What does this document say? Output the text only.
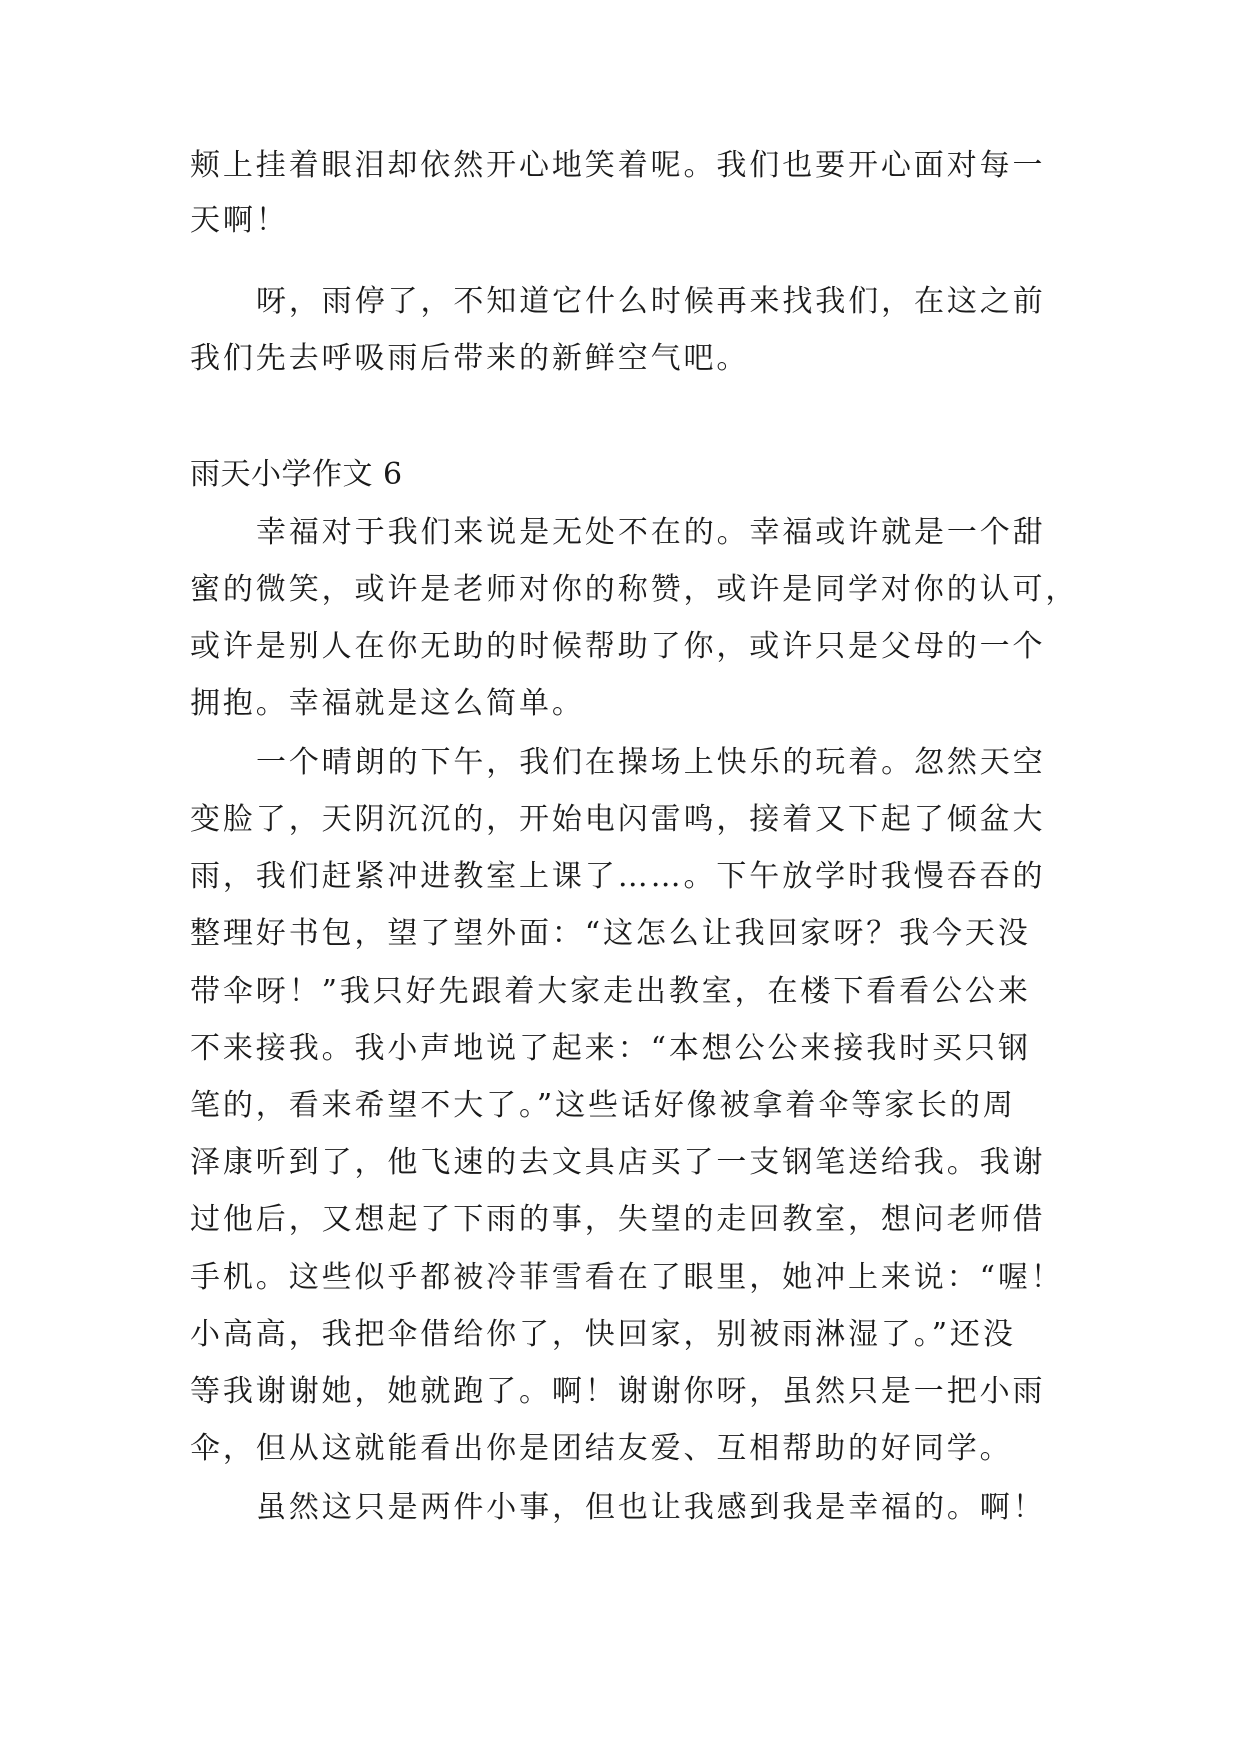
颊上挂着眼泪却依然开心地笑着呢。我们也要开心面对每一
天啊！
呀，雨停了，不知道它什么时候再来找我们，在这之前
我们先去呼吸雨后带来的新鲜空气吧。
雨天小学作文 6
幸福对于我们来说是无处不在的。幸福或许就是一个甜
蜜的微笑，或许是老师对你的称赞，或许是同学对你的认可，
或许是别人在你无助的时候帮助了你，或许只是父母的一个
拥抱。幸福就是这么简单。
一个晴朗的下午，我们在操场上快乐的玩着。忽然天空
变脸了，天阴沉沉的，开始电闪雷鸣，接着又下起了倾盆大
雨，我们赶紧冲进教室上课了……。下午放学时我慢吞吞的
整理好书包，望了望外面：“这怎么让我回家呀？我今天没
带伞呀！”我只好先跟着大家走出教室，在楼下看看公公来
不来接我。我小声地说了起来：“本想公公来接我时买只钢
笔的，看来希望不大了。”这些话好像被拿着伞等家长的周
泽康听到了，他飞速的去文具店买了一支钢笔送给我。我谢
过他后，又想起了下雨的事，失望的走回教室，想问老师借
手机。这些似乎都被冷菲雪看在了眼里，她冲上来说：“喔！
小高高，我把伞借给你了，快回家，别被雨淋湿了。”还没
等我谢谢她，她就跑了。啊！谢谢你呀，虽然只是一把小雨
伞，但从这就能看出你是团结友爱、互相帮助的好同学。
虽然这只是两件小事，但也让我感到我是幸福的。啊！
